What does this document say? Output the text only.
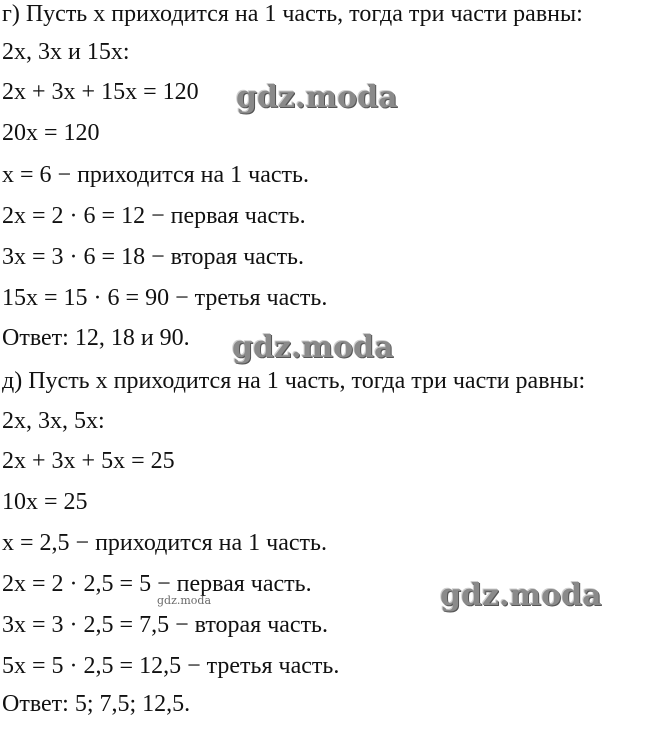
г) Пусть x приходится на 1 часть, тогда три части равны:
2x, 3x и 15x:
2x + 3x + 15x = 120
20x = 120
x = 6 − приходится на 1 часть.
2x = 2 · 6 = 12 − первая часть.
3x = 3 · 6 = 18 − вторая часть.
15x = 15 · 6 = 90 − третья часть.
Ответ: 12, 18 и 90.
д) Пусть x приходится на 1 часть, тогда три части равны:
2x, 3x, 5x:
2x + 3x + 5x = 25
10x = 25
x = 2,5 − приходится на 1 часть.
2x = 2 · 2,5 = 5 − первая часть.
3x = 3 · 2,5 = 7,5 − вторая часть.
5x = 5 · 2,5 = 12,5 − третья часть.
Ответ: 5; 7,5; 12,5.
gdz.moda
gdz.moda
gdz.moda
gdz.moda
